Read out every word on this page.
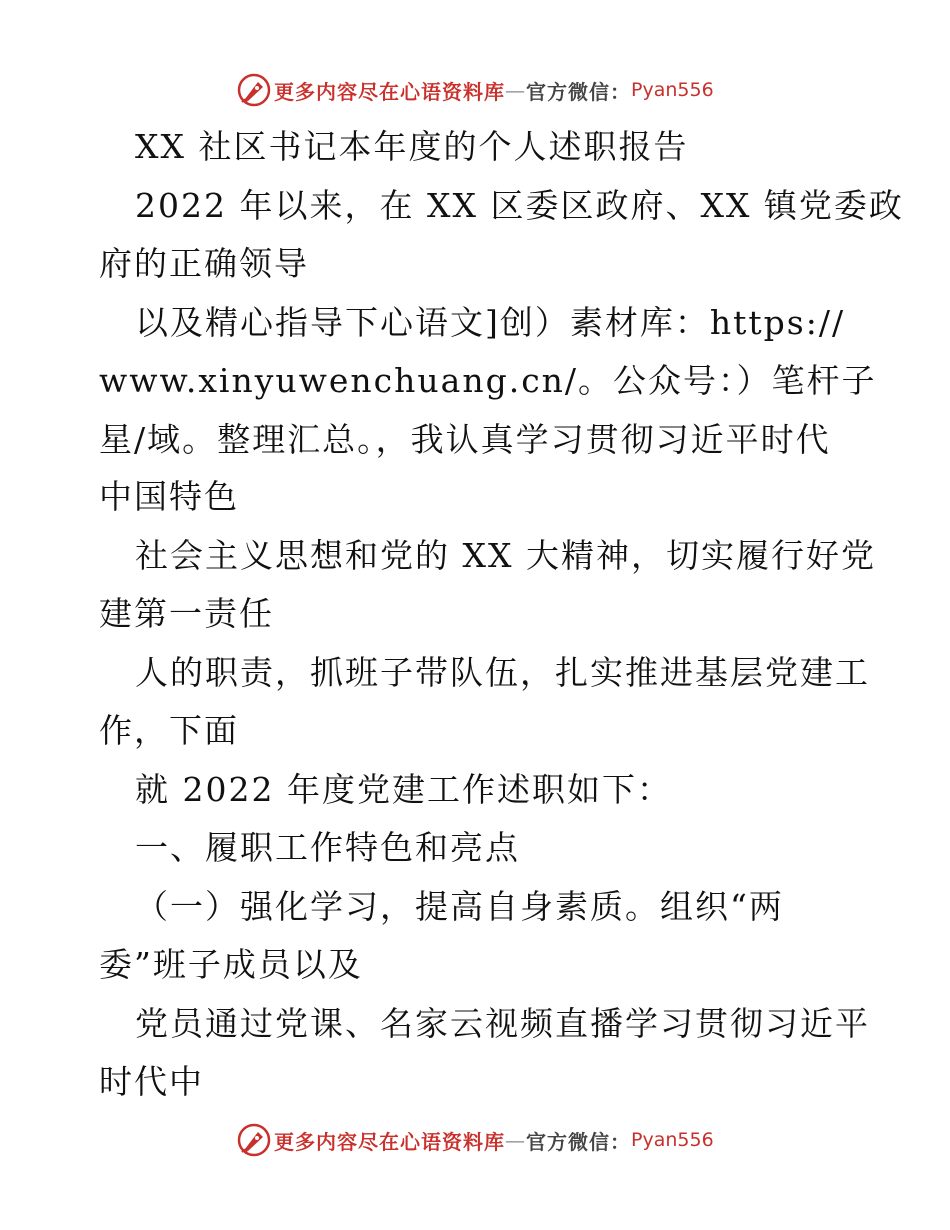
更多内容尽在心语资料库 — 官方微信： Pyan556
XX 社区书记本年度的个人述职报告
2022 年以来，在 XX 区委区政府、XX 镇党委政
府的正确领导
以及精心指导下心语文]创）素材库：https://
www.xinyuwenchuang.cn/。公众号：）笔杆子
星/域。整理汇总。，我认真学习贯彻习近平时代
中国特色
社会主义思想和党的 XX 大精神，切实履行好党
建第一责任
人的职责，抓班子带队伍，扎实推进基层党建工
作，下面
就 2022 年度党建工作述职如下：
一、履职工作特色和亮点
（一）强化学习，提高自身素质。组织“两
委”班子成员以及
党员通过党课、名家云视频直播学习贯彻习近平
时代中
更多内容尽在心语资料库 — 官方微信： Pyan556
